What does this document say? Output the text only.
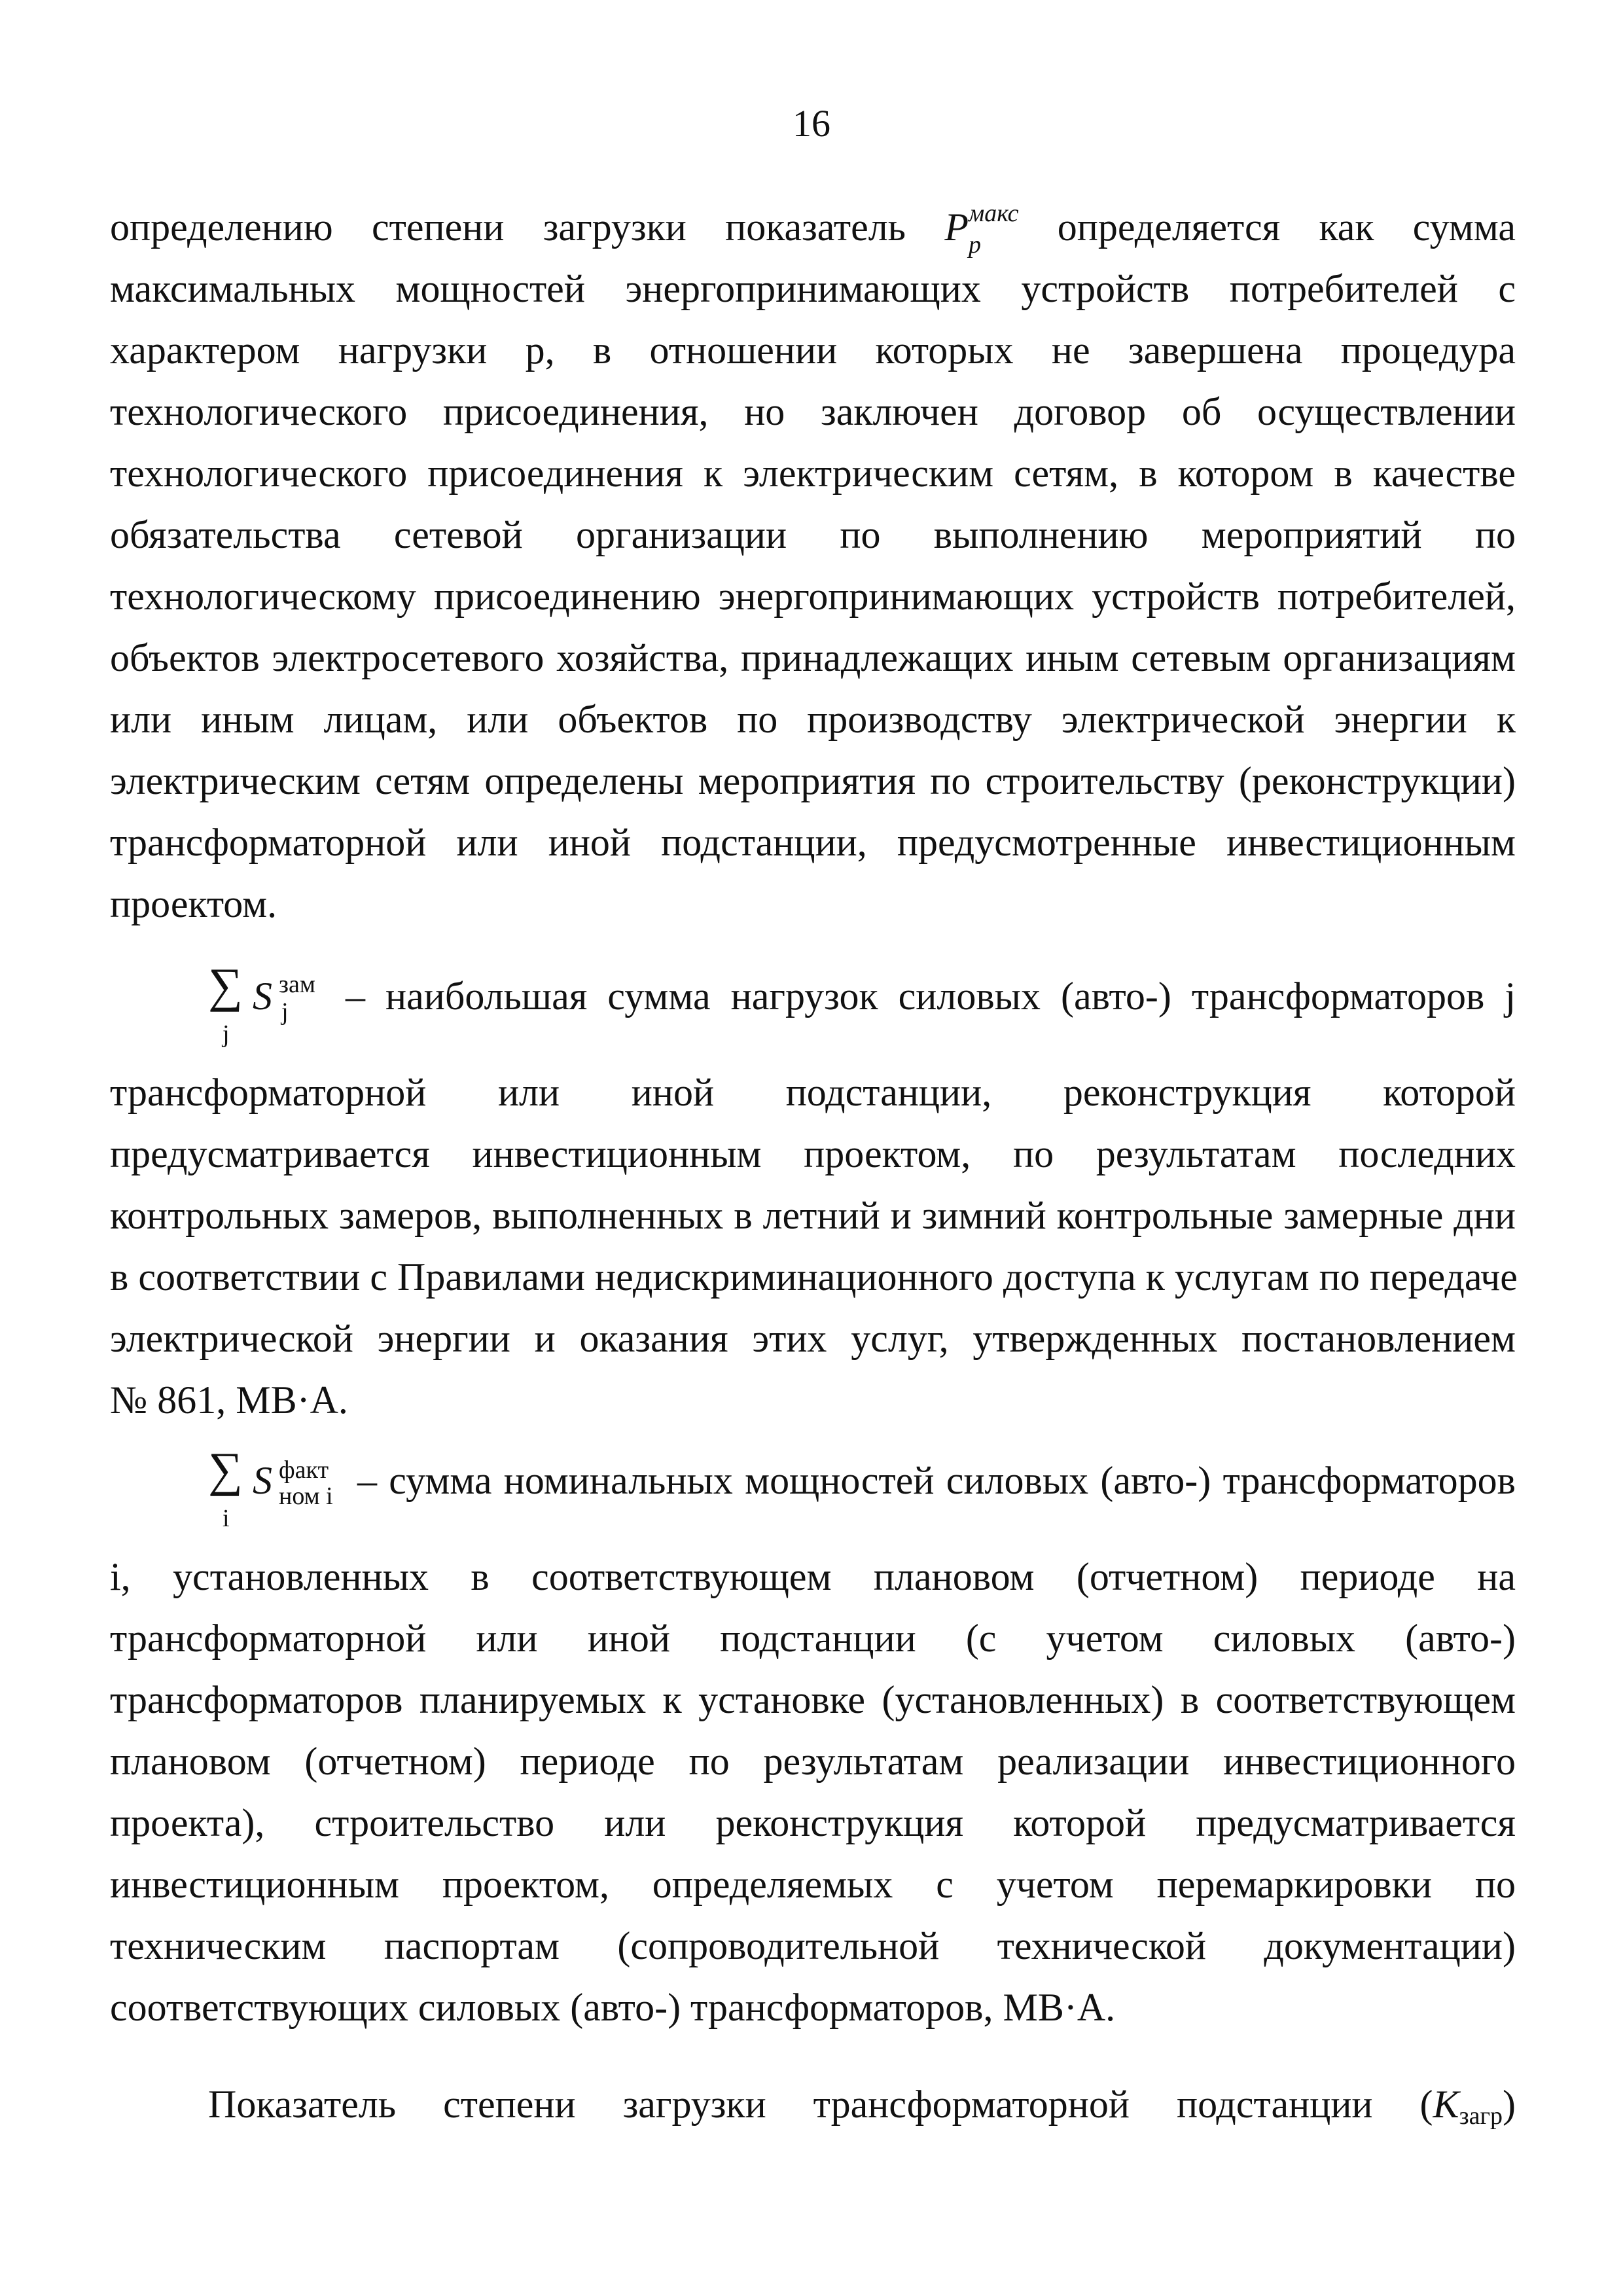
16
определению степени загрузки показатель P макс
p	определяется как сумма
максимальных мощностей энергопринимающих устройств потребителей с
характером нагрузки р, в отношении которых не завершена процедура
технологического присоединения, но заключен договор об осуществлении
технологического присоединения к электрическим сетям, в котором в качестве
обязательства сетевой организации по выполнению мероприятий по
технологическому присоединению энергопринимающих устройств потребителей,
объектов электросетевого хозяйства, принадлежащих иным сетевым организациям
или иным лицам, или объектов по производству электрической энергии к
электрическим сетям определены мероприятия по строительству (реконструкции)
трансформаторной или иной подстанции, предусмотренные инвестиционным
проектом.
∑
j
S зам
j – наибольшая сумма нагрузок силовых (авто-) трансформаторов j
трансформаторной или иной подстанции, реконструкция которой
предусматривается инвестиционным проектом, по результатам последних
контрольных замеров, выполненных в летний и зимний контрольные замерные дни
в соответствии с Правилами недискриминационного доступа к услугам по передаче
электрической энергии и оказания этих услуг, утвержденных постановлением
№ 861, МВ·А.
∑
i
S факт
ном i – сумма номинальных мощностей силовых (авто-) трансформаторов
i, установленных в соответствующем плановом (отчетном) периоде на
трансформаторной или иной подстанции (с учетом силовых (авто-)
трансформаторов планируемых к установке (установленных) в соответствующем
плановом (отчетном) периоде по результатам реализации инвестиционного
проекта), строительство или реконструкция которой предусматривается
инвестиционным проектом, определяемых с учетом перемаркировки по
техническим паспортам (сопроводительной технической документации)
соответствующих силовых (авто-) трансформаторов, МВ·А.
Показатель степени загрузки трансформаторной подстанции (Kзагр)
